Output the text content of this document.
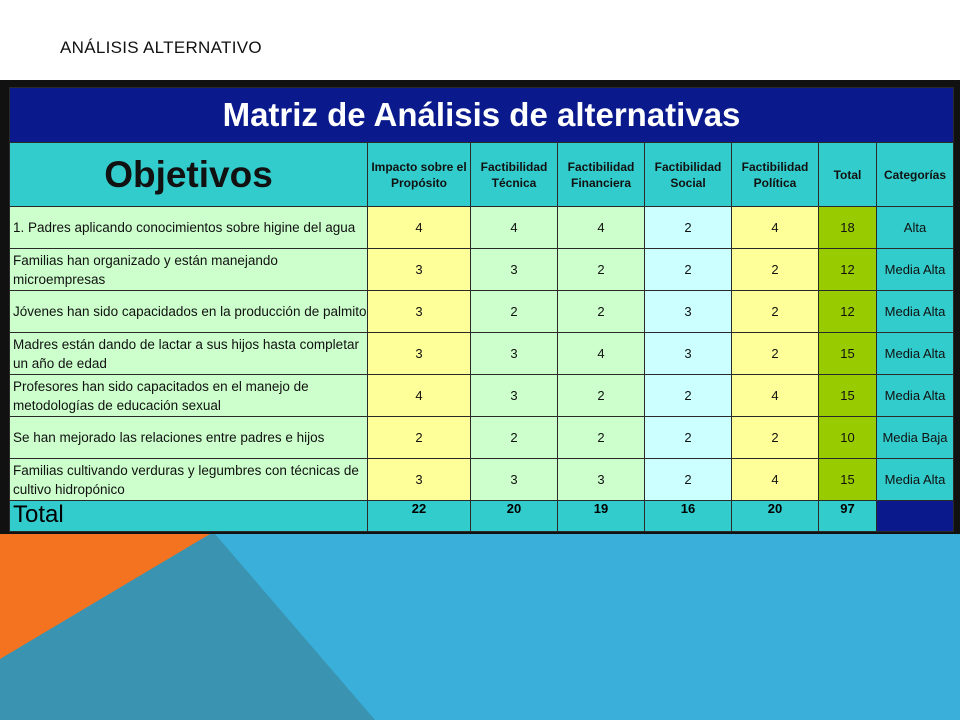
ANÁLISIS ALTERNATIVO
Matriz de Análisis de alternativas							
Objetivos	Impacto sobre el Propósito	Factibilidad Técnica	Factibilidad Financiera	Factibilidad Social	Factibilidad Política	Total	Categorías
1. Padres aplicando conocimientos sobre higine del agua	4	4	4	2	4	18	Alta
Familias han organizado y están manejando microempresas	3	3	2	2	2	12	Media Alta
Jóvenes han sido capacidados en la producción de palmito	3	2	2	3	2	12	Media Alta
Madres están dando de lactar a sus hijos hasta completar un año de edad	3	3	4	3	2	15	Media Alta
Profesores han sido capacitados en el manejo de metodologías de educación sexual	4	3	2	2	4	15	Media Alta
Se han mejorado las relaciones entre padres e hijos	2	2	2	2	2	10	Media Baja
Familias cultivando verduras y legumbres con técnicas de cultivo hidropónico	3	3	3	2	4	15	Media Alta
Total	22	20	19	16	20	97	
